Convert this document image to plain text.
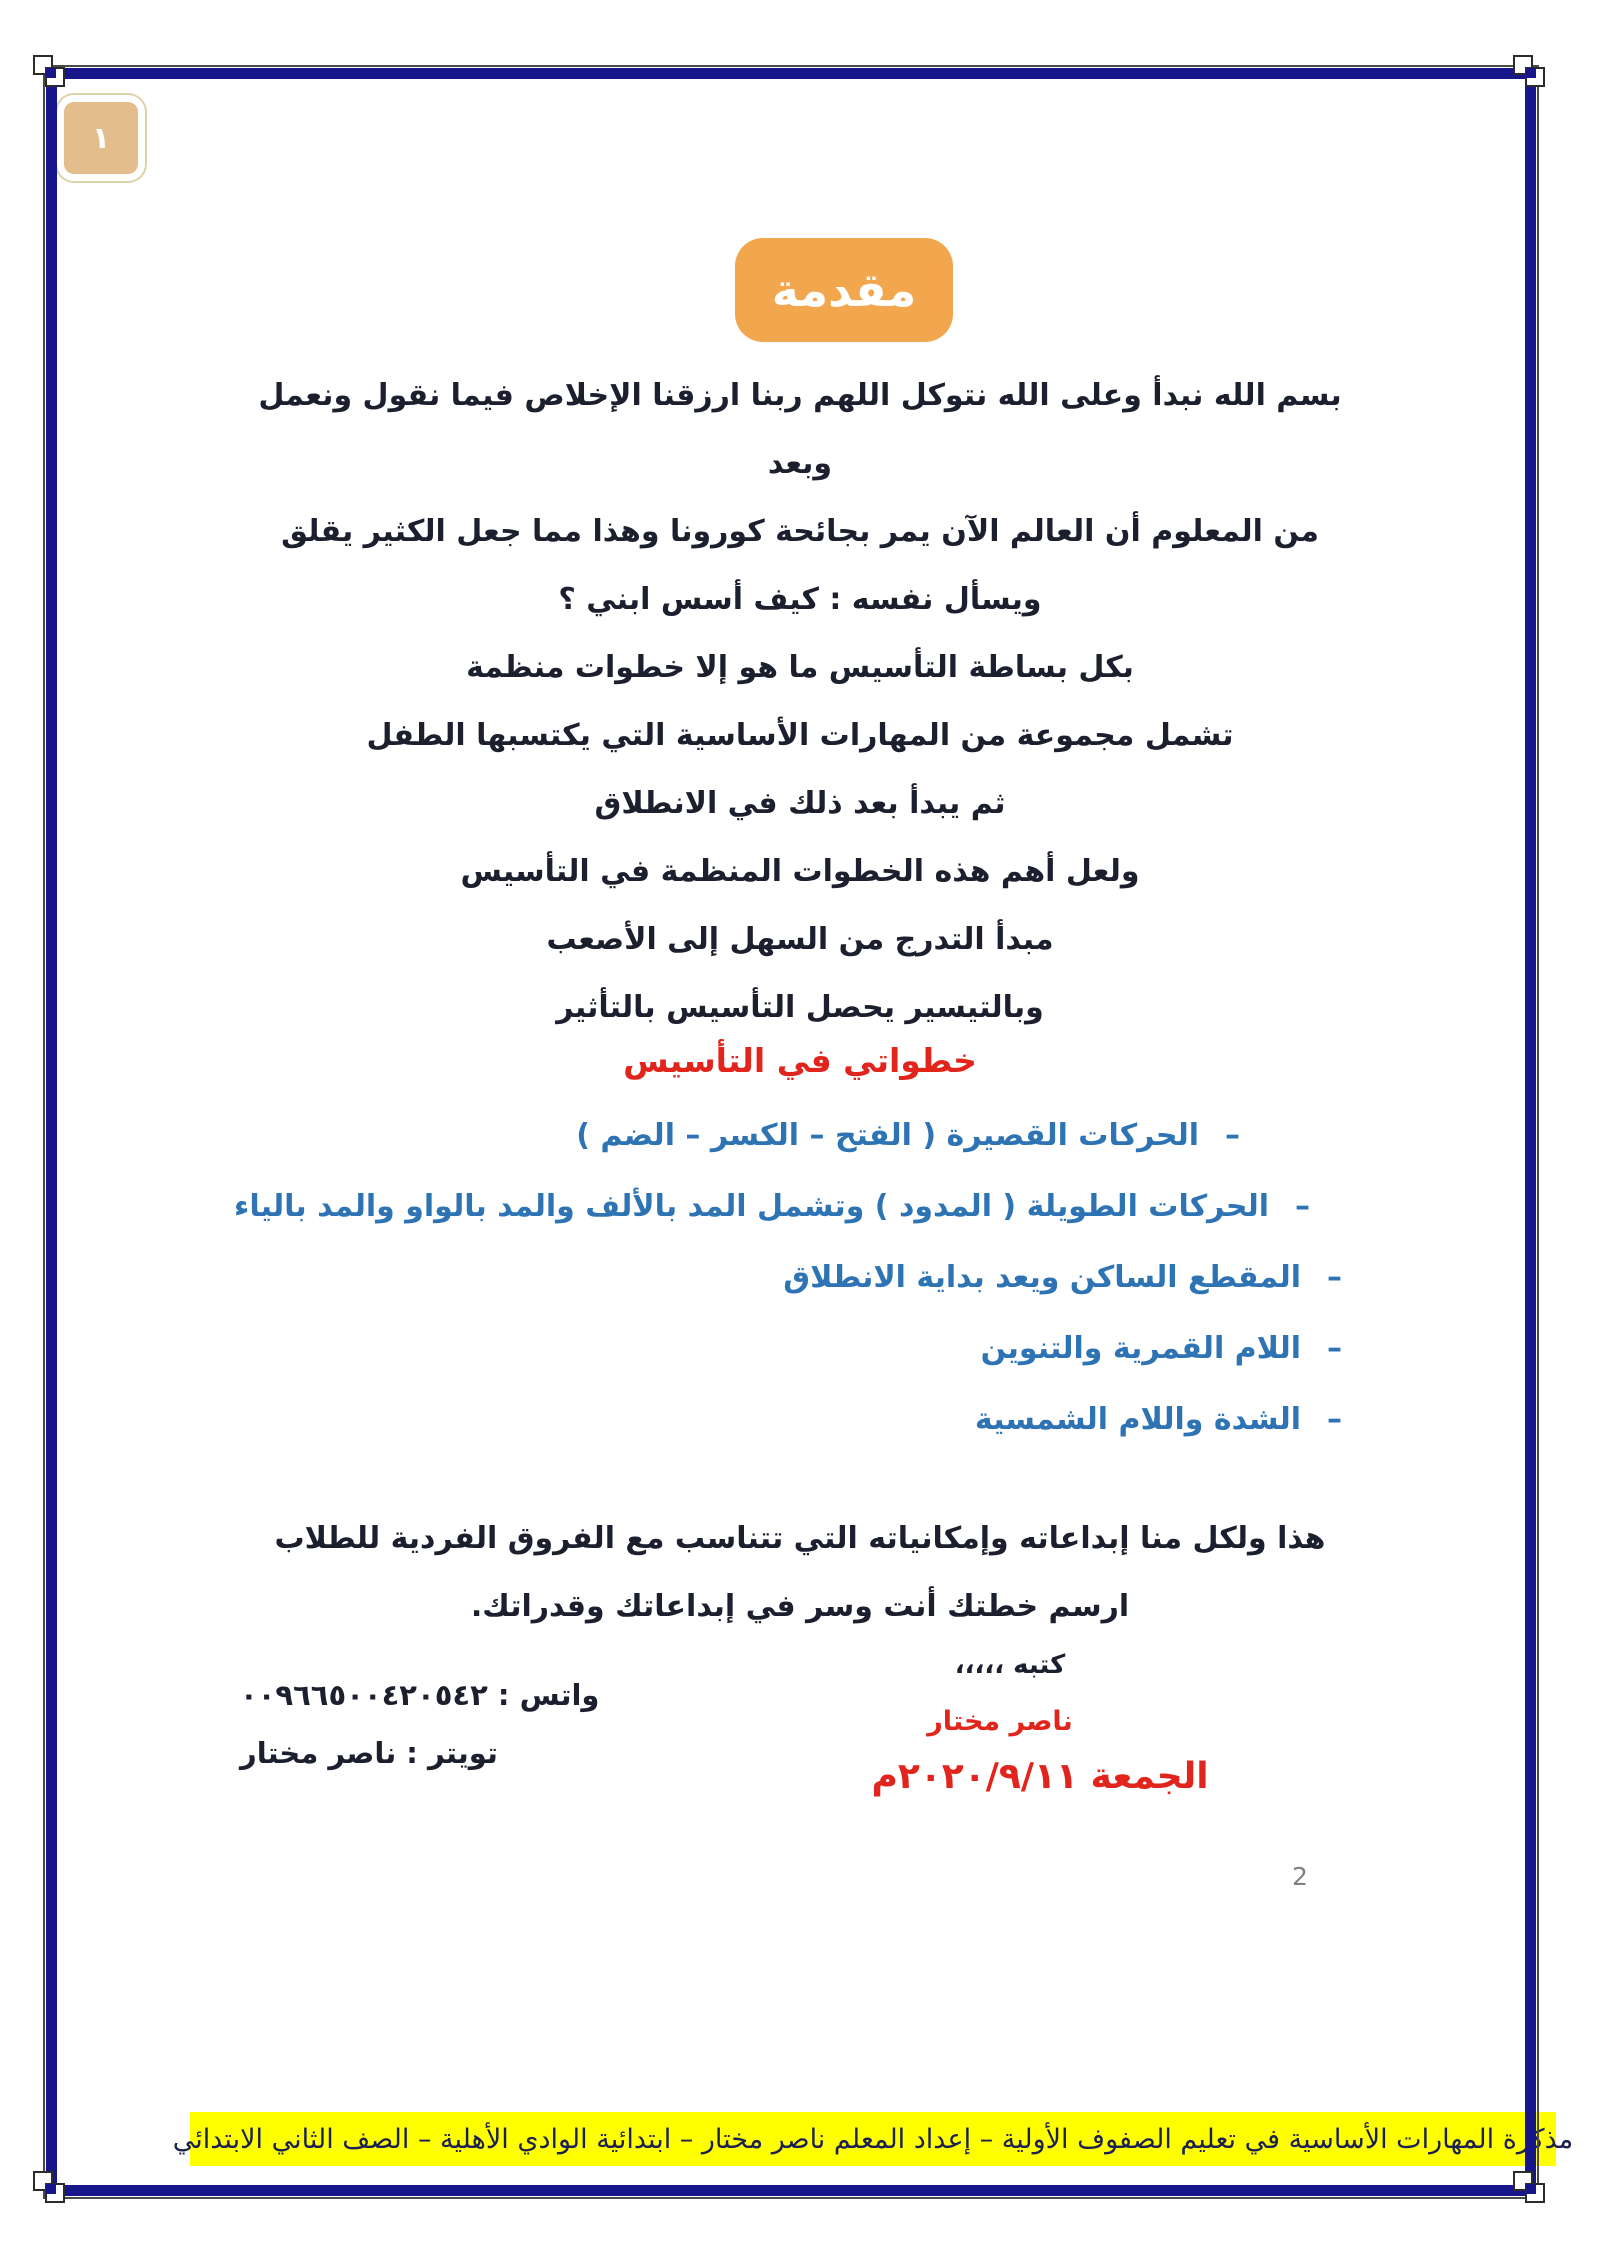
مذكرة المهارات الأساسية في تعليم الصفوف الأولية – إعداد المعلم ناصر مختار – ابتدائية الوادي الأهلية – الصف الثاني الابتدائي
١
مقدمة
بسم الله نبدأ وعلى الله نتوكل اللهم ربنا ارزقنا الإخلاص فيما نقول ونعمل
وبعد
من المعلوم أن العالم الآن يمر بجائحة كورونا وهذا مما جعل الكثير يقلق
ويسأل نفسه : كيف أسس ابني ؟
بكل بساطة التأسيس ما هو إلا خطوات منظمة
تشمل مجموعة من المهارات الأساسية التي يكتسبها الطفل
ثم يبدأ بعد ذلك في الانطلاق
ولعل أهم هذه الخطوات المنظمة في التأسيس
مبدأ التدرج من السهل إلى الأصعب
وبالتيسير يحصل التأسيس بالتأثير
خطواتي في التأسيس
–الحركات القصيرة ( الفتح – الكسر – الضم )
–الحركات الطويلة ( المدود ) وتشمل المد بالألف والمد بالواو والمد بالياء
–المقطع الساكن ويعد بداية الانطلاق
–اللام القمرية والتنوين
–الشدة واللام الشمسية
هذا ولكل منا إبداعاته وإمكانياته التي تتناسب مع الفروق الفردية للطلاب
ارسم خطتك أنت وسر في إبداعاتك وقدراتك.
كتبه ،،،،،
ناصر مختار
الجمعة ٢٠٢٠/٩/١١م
واتس : ٠٠٩٦٦٥٠٠٤٢٠٥٤٢
تويتر : ناصر مختار
2
